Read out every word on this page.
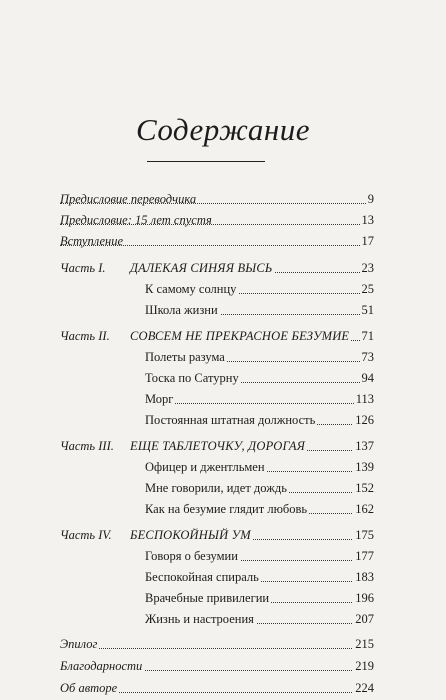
Содержание
Предисловие переводчика	9
Предисловие: 15 лет спустя	13
Вступление	17
Часть I. ДАЛЕКАЯ СИНЯЯ ВЫСЬ	23
К самому солнцу	25
Школа жизни	51
Часть II. СОВСЕМ НЕ ПРЕКРАСНОЕ БЕЗУМИЕ 71
Полеты разума	73
Тоска по Сатурну	94
Морг	113
Постоянная штатная должность	126
Часть III. ЕЩЕ ТАБЛЕТОЧКУ, ДОРОГАЯ	137
Офицер и джентльмен	139
Мне говорили, идет дождь	152
Как на безумие глядит любовь	162
Часть IV. БЕСПОКОЙНЫЙ УМ	175
Говоря о безумии	177
Беспокойная спираль	183
Врачебные привилегии	196
Жизнь и настроения	207
Эпилог	215
Благодарности	219
Об авторе	224
